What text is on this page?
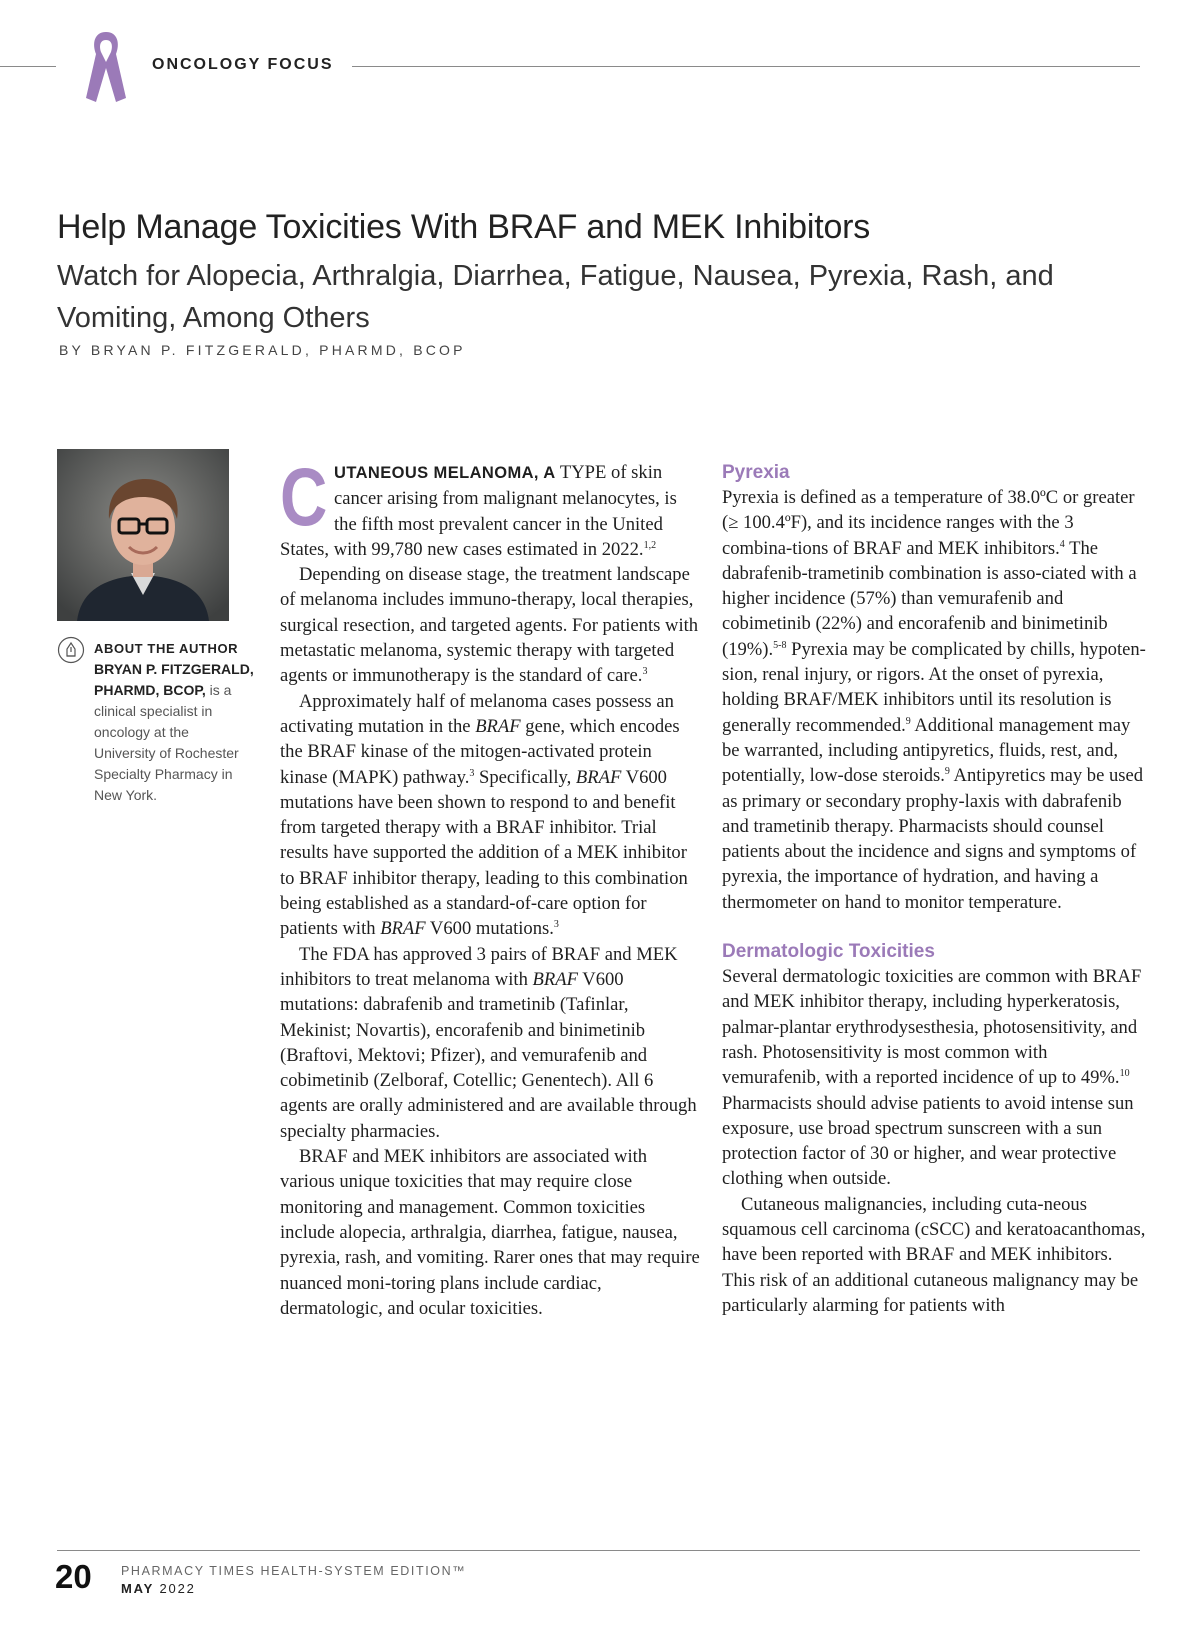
ONCOLOGY FOCUS
Help Manage Toxicities With BRAF and MEK Inhibitors
Watch for Alopecia, Arthralgia, Diarrhea, Fatigue, Nausea, Pyrexia, Rash, and Vomiting, Among Others
BY BRYAN P. FITZGERALD, PHARMD, BCOP
ABOUT THE AUTHOR
BRYAN P. FITZGERALD, PHARMD, BCOP, is a clinical specialist in oncology at the University of Rochester Specialty Pharmacy in New York.

CUTANEOUS MELANOMA, A TYPE of skin cancer arising from malignant melanocytes, is the fifth most prevalent cancer in the United States, with 99,780 new cases estimated in 2022.$^{1,2}$

Depending on disease stage, the treatment landscape of melanoma includes immuno-therapy, local therapies, surgical resection, and targeted agents. For patients with metastatic melanoma, systemic therapy with targeted agents or immunotherapy is the standard of care.$^3$

Approximately half of melanoma cases possess an activating mutation in the BRAF gene, which encodes the BRAF kinase of the mitogen-activated protein kinase (MAPK) pathway.$^3$ Specifically, BRAF V600 mutations have been shown to respond to and benefit from targeted therapy with a BRAF inhibitor. Trial results have supported the addition of a MEK inhibitor to BRAF inhibitor therapy, leading to this combination being established as a standard-of-care option for patients with BRAF V600 mutations.$^3$

The FDA has approved 3 pairs of BRAF and MEK inhibitors to treat melanoma with BRAF V600 mutations: dabrafenib and trametinib (Tafinlar, Mekinist; Novartis), encorafenib and binimetinib (Braftovi, Mektovi; Pfizer), and vemurafenib and cobimetinib (Zelboraf, Cotellic; Genentech). All 6 agents are orally administered and are available through specialty pharmacies.

BRAF and MEK inhibitors are associated with various unique toxicities that may require close monitoring and management. Common toxicities include alopecia, arthralgia, diarrhea, fatigue, nausea, pyrexia, rash, and vomiting. Rarer ones that may require nuanced moni-toring plans include cardiac, dermatologic, and ocular toxicities.

Pyrexia

Pyrexia is defined as a temperature of 38.0ºC or greater (≥ 100.4ºF), and its incidence ranges with the 3 combina-tions of BRAF and MEK inhibitors.$^4$ The dabrafenib-trametinib combination is asso-ciated with a higher incidence (57%) than vemurafenib and cobimetinib (22%) and encorafenib and binimetinib (19%).$^{5-8}$ Pyrexia may be complicated by chills, hypoten-sion, renal injury, or rigors. At the onset of pyrexia, holding BRAF/MEK inhibitors until its resolution is generally recommended.$^9$ Additional management may be warranted, including antipyretics, fluids, rest, and, potentially, low-dose steroids.$^9$ Antipyretics may be used as primary or secondary prophy-laxis with dabrafenib and trametinib therapy. Pharmacists should counsel patients about the incidence and signs and symptoms of pyrexia, the importance of hydration, and having a thermometer on hand to monitor temperature.

Dermatologic Toxicities

Several dermatologic toxicities are common with BRAF and MEK inhibitor therapy, including hyperkeratosis, palmar-plantar erythrodysesthesia, photosensitivity, and rash. Photosensitivity is most common with vemurafenib, with a reported incidence of up to 49%.$^{10}$ Pharmacists should advise patients to avoid intense sun exposure, use broad spectrum sunscreen with a sun protection factor of 30 or higher, and wear protective clothing when outside.

Cutaneous malignancies, including cuta-neous squamous cell carcinoma (cSCC) and keratoacanthomas, have been reported with BRAF and MEK inhibitors. This risk of an additional cutaneous malignancy may be particularly alarming for patients with

20 PHARMACY TIMES HEALTH-SYSTEM EDITION™
MAY 2022
